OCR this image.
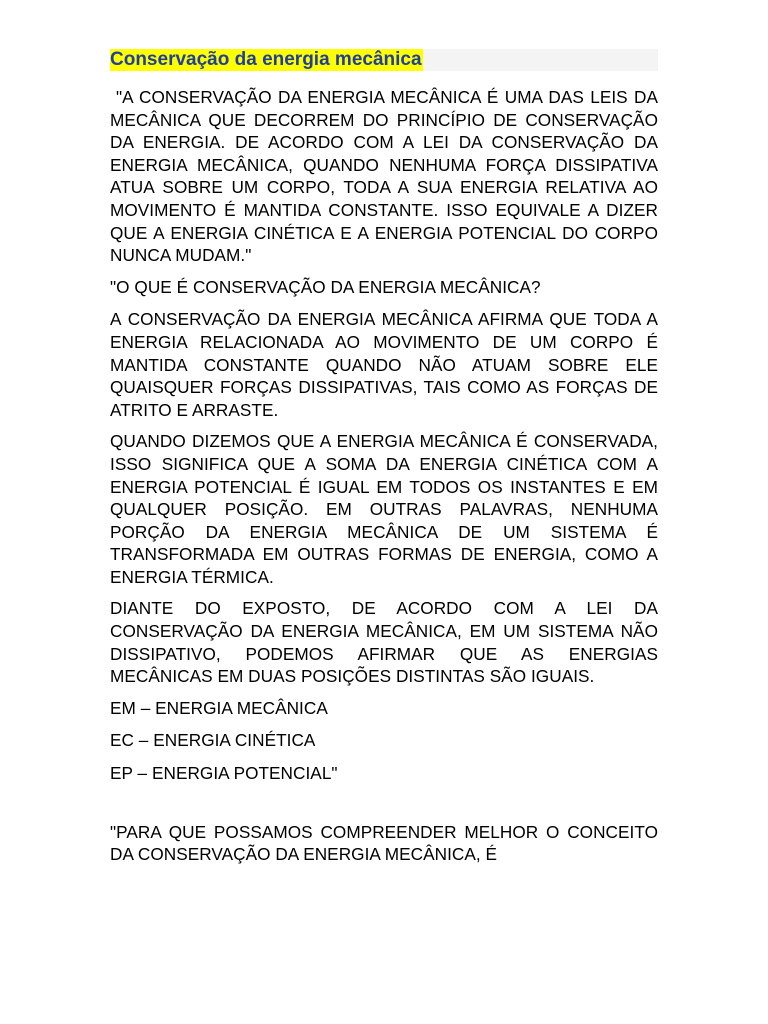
Conservação da energia mecânica

"A CONSERVAÇÃO DA ENERGIA MECÂNICA É UMA DAS LEIS DA MECÂNICA QUE DECORREM DO PRINCÍPIO DE CONSERVAÇÃO DA ENERGIA. DE ACORDO COM A LEI DA CONSERVAÇÃO DA ENERGIA MECÂNICA, QUANDO NENHUMA FORÇA DISSIPATIVA ATUA SOBRE UM CORPO, TODA A SUA ENERGIA RELATIVA AO MOVIMENTO É MANTIDA CONSTANTE. ISSO EQUIVALE A DIZER QUE A ENERGIA CINÉTICA E A ENERGIA POTENCIAL DO CORPO NUNCA MUDAM."

"O QUE É CONSERVAÇÃO DA ENERGIA MECÂNICA?

A CONSERVAÇÃO DA ENERGIA MECÂNICA AFIRMA QUE TODA A ENERGIA RELACIONADA AO MOVIMENTO DE UM CORPO É MANTIDA CONSTANTE QUANDO NÃO ATUAM SOBRE ELE QUAISQUER FORÇAS DISSIPATIVAS, TAIS COMO AS FORÇAS DE ATRITO E ARRASTE.

QUANDO DIZEMOS QUE A ENERGIA MECÂNICA É CONSERVADA, ISSO SIGNIFICA QUE A SOMA DA ENERGIA CINÉTICA COM A ENERGIA POTENCIAL É IGUAL EM TODOS OS INSTANTES E EM QUALQUER POSIÇÃO. EM OUTRAS PALAVRAS, NENHUMA PORÇÃO DA ENERGIA MECÂNICA DE UM SISTEMA É TRANSFORMADA EM OUTRAS FORMAS DE ENERGIA, COMO A ENERGIA TÉRMICA.

DIANTE DO EXPOSTO, DE ACORDO COM A LEI DA CONSERVAÇÃO DA ENERGIA MECÂNICA, EM UM SISTEMA NÃO DISSIPATIVO, PODEMOS AFIRMAR QUE AS ENERGIAS MECÂNICAS EM DUAS POSIÇÕES DISTINTAS SÃO IGUAIS.

EM – ENERGIA MECÂNICA

EC – ENERGIA CINÉTICA

EP – ENERGIA POTENCIAL"

"PARA QUE POSSAMOS COMPREENDER MELHOR O CONCEITO DA CONSERVAÇÃO DA ENERGIA MECÂNICA, É
